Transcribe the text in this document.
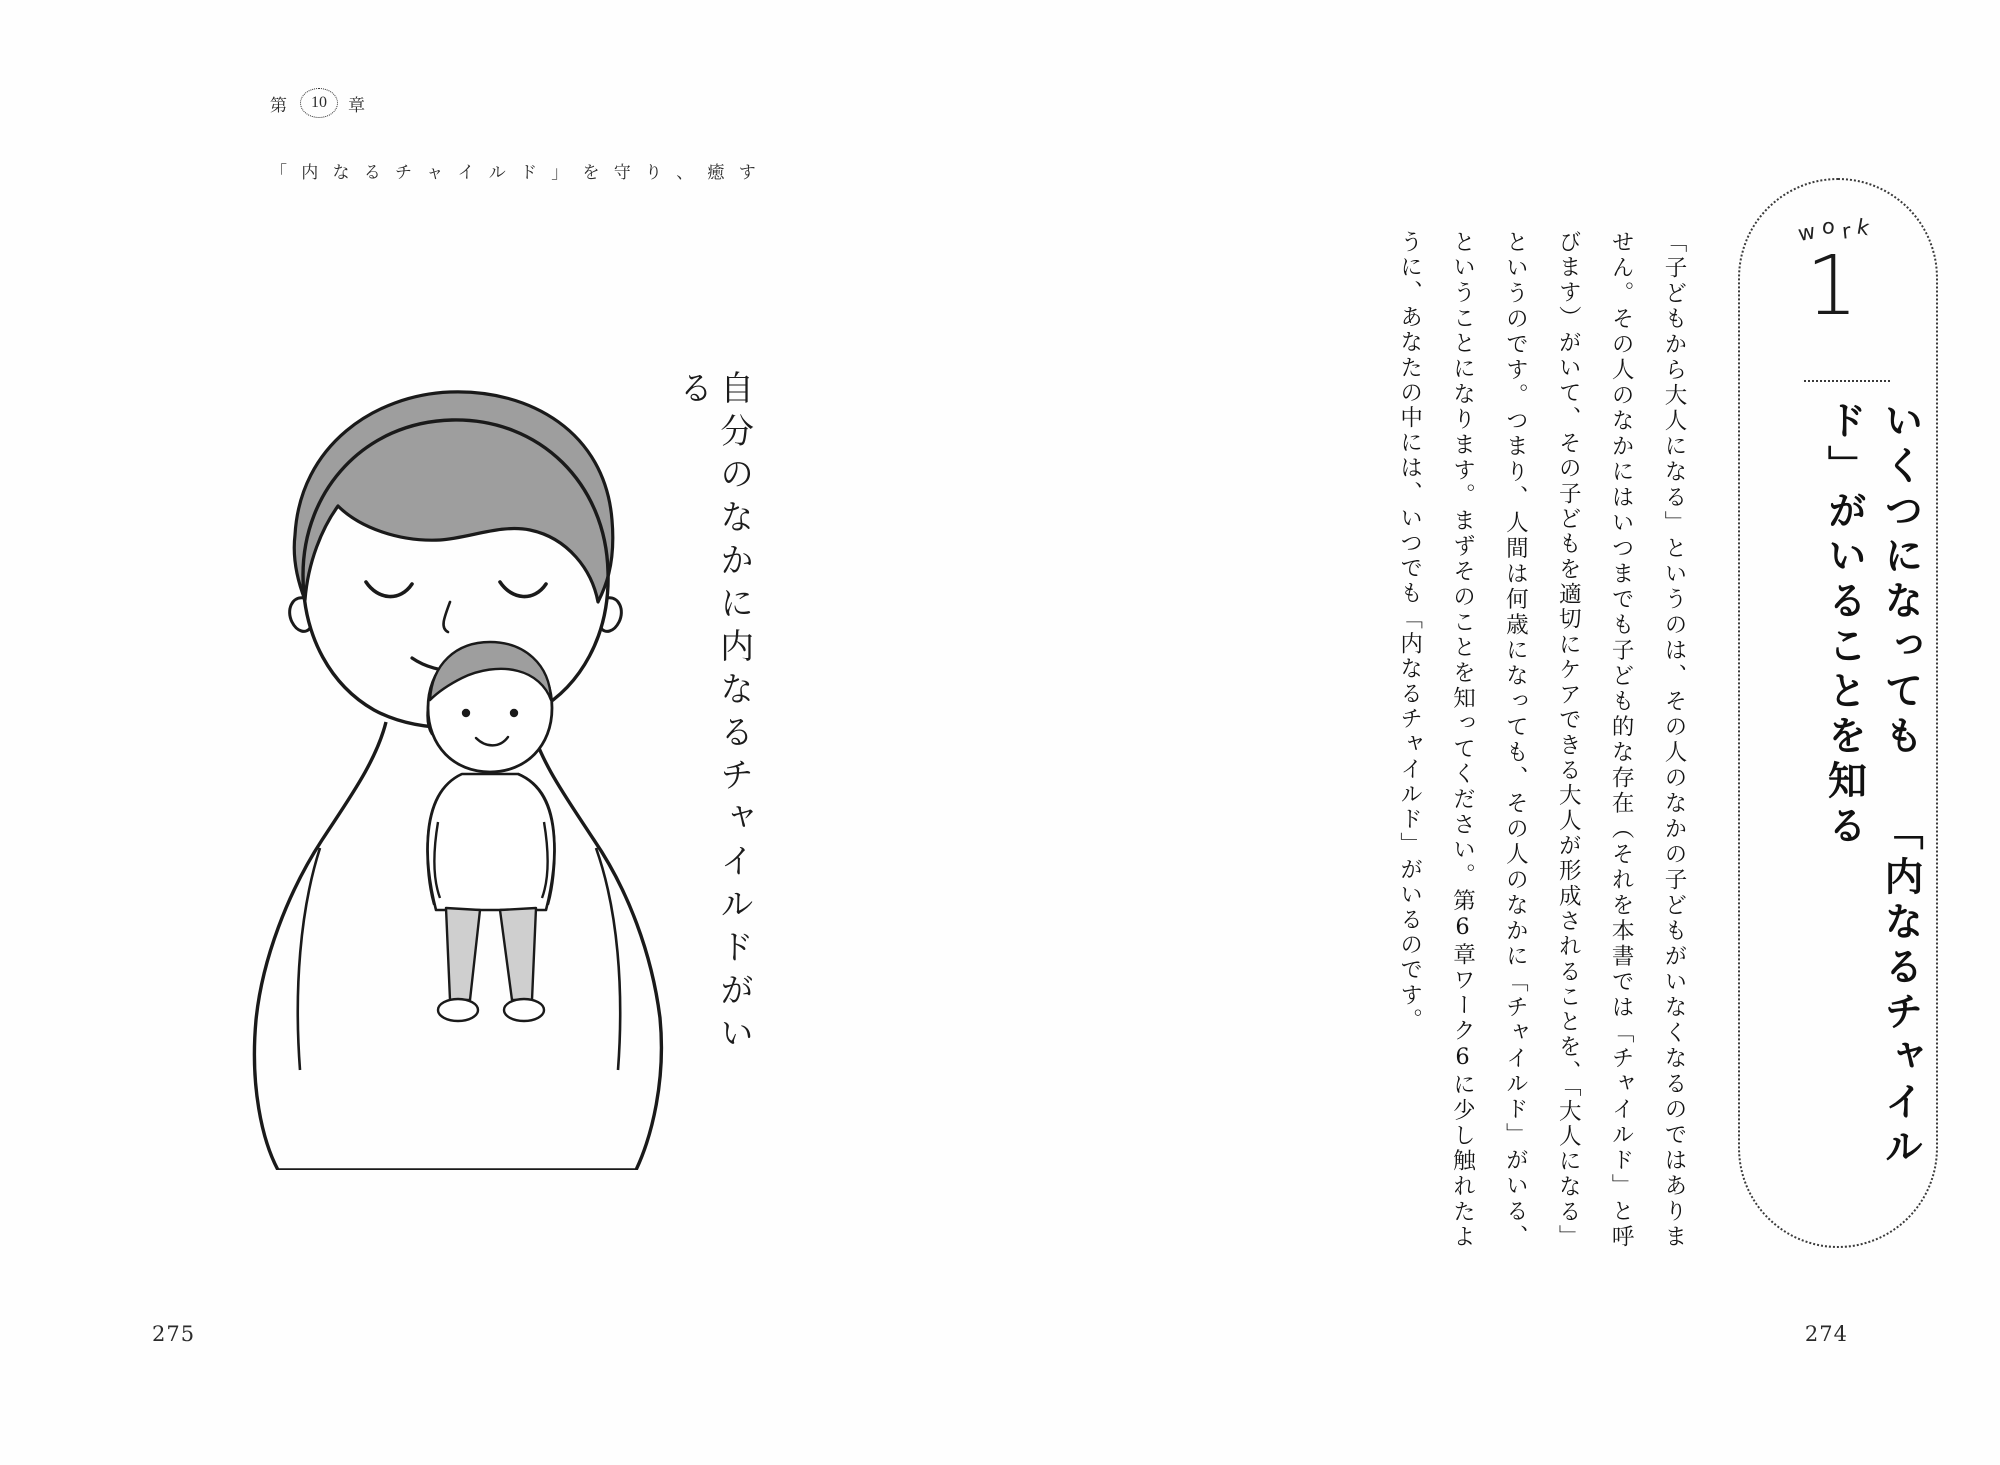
第	10	章
「 内 な る チ ャ イ ル ド 」 を 守 り 、 癒 す
自分のなかに内なるチャイルドがいる
275
work
1
いくつになっても 「内なるチャイルド」がいることを知る

「子どもから大人になる」というのは、その人のなかの子どもがいなくなるのではありません。その人のなかにはいつまでも子ども的な存在（それを本書では「チャイルド」と呼びます）がいて、その子どもを適切にケアできる大人が形成されることを、「大人になる」というのです。つまり、人間は何歳になっても、その人のなかに「チャイルド」がいる、ということになります。まずそのことを知ってください。第6章ワーク6に少し触れたように、あなたの中には、いつでも「内なるチャイルド」がいるのです。

274
